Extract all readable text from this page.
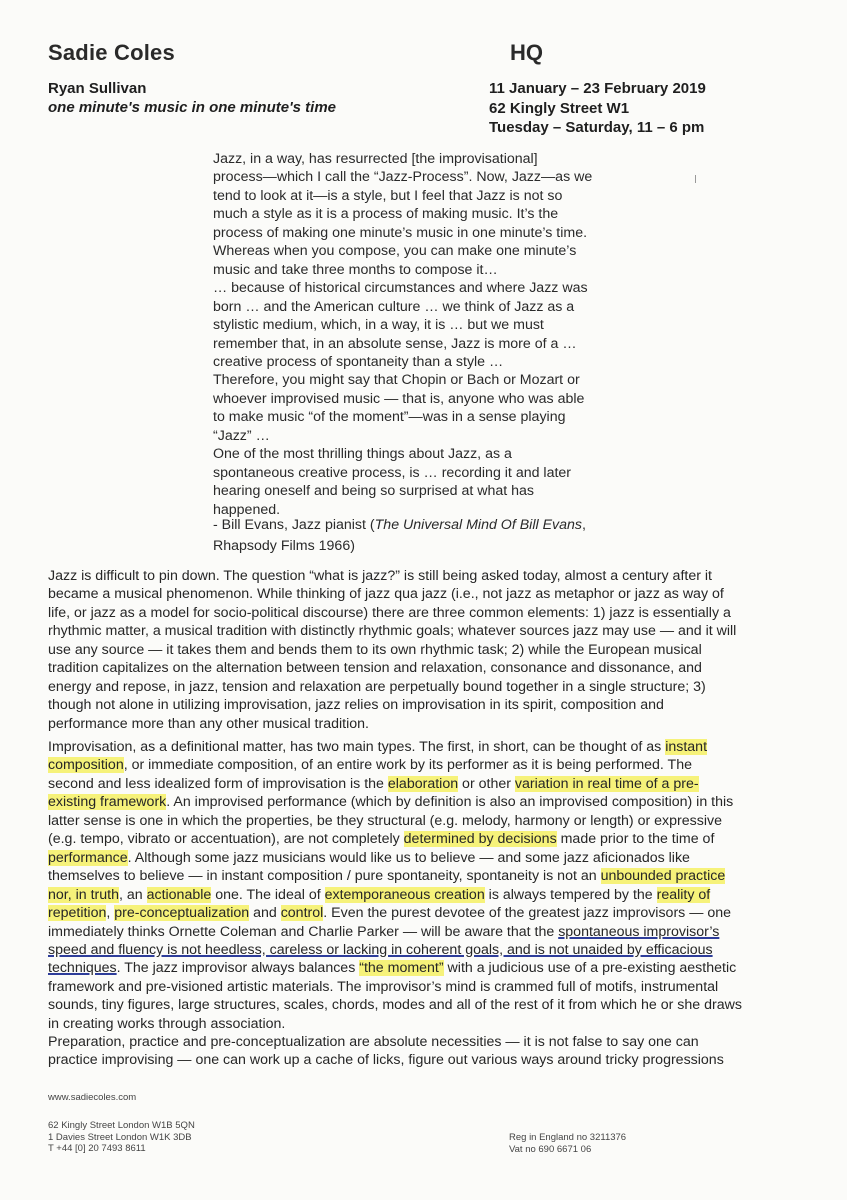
Sadie Coles	HQ
Ryan Sullivan
one minute's music in one minute's time
11 January – 23 February 2019
62 Kingly Street W1
Tuesday – Saturday, 11 – 6 pm
Jazz, in a way, has resurrected [the improvisational]
process—which I call the “Jazz-Process”. Now, Jazz—as we
tend to look at it—is a style, but I feel that Jazz is not so
much a style as it is a process of making music. It’s the
process of making one minute’s music in one minute’s time.
Whereas when you compose, you can make one minute’s
music and take three months to compose it…
… because of historical circumstances and where Jazz was
born … and the American culture … we think of Jazz as a
stylistic medium, which, in a way, it is … but we must
remember that, in an absolute sense, Jazz is more of a …
creative process of spontaneity than a style …
Therefore, you might say that Chopin or Bach or Mozart or
whoever improvised music — that is, anyone who was able
to make music “of the moment”—was in a sense playing
“Jazz” …
One of the most thrilling things about Jazz, as a
spontaneous creative process, is … recording it and later
hearing oneself and being so surprised at what has
happened.
- Bill Evans, Jazz pianist (The Universal Mind Of Bill Evans,
Rhapsody Films 1966)
Jazz is difficult to pin down. The question “what is jazz?” is still being asked today, almost a century after it
became a musical phenomenon. While thinking of jazz qua jazz (i.e., not jazz as metaphor or jazz as way of
life, or jazz as a model for socio-political discourse) there are three common elements: 1) jazz is essentially a
rhythmic matter, a musical tradition with distinctly rhythmic goals; whatever sources jazz may use — and it will
use any source — it takes them and bends them to its own rhythmic task; 2) while the European musical
tradition capitalizes on the alternation between tension and relaxation, consonance and dissonance, and
energy and repose, in jazz, tension and relaxation are perpetually bound together in a single structure; 3)
though not alone in utilizing improvisation, jazz relies on improvisation in its spirit, composition and
performance more than any other musical tradition.
Improvisation, as a definitional matter, has two main types. The first, in short, can be thought of as instant
composition, or immediate composition, of an entire work by its performer as it is being performed. The
second and less idealized form of improvisation is the elaboration or other variation in real time of a pre-
existing framework. An improvised performance (which by definition is also an improvised composition) in this
latter sense is one in which the properties, be they structural (e.g. melody, harmony or length) or expressive
(e.g. tempo, vibrato or accentuation), are not completely determined by decisions made prior to the time of
performance. Although some jazz musicians would like us to believe — and some jazz aficionados like
themselves to believe — in instant composition / pure spontaneity, spontaneity is not an unbounded practice
nor, in truth, an actionable one. The ideal of extemporaneous creation is always tempered by the reality of
repetition, pre-conceptualization and control. Even the purest devotee of the greatest jazz improvisors — one
immediately thinks Ornette Coleman and Charlie Parker — will be aware that the spontaneous improvisor’s
speed and fluency is not heedless, careless or lacking in coherent goals, and is not unaided by efficacious
techniques. The jazz improvisor always balances “the moment” with a judicious use of a pre-existing aesthetic
framework and pre-visioned artistic materials. The improvisor’s mind is crammed full of motifs, instrumental
sounds, tiny figures, large structures, scales, chords, modes and all of the rest of it from which he or she draws
in creating works through association.
Preparation, practice and pre-conceptualization are absolute necessities — it is not false to say one can
practice improvising — one can work up a cache of licks, figure out various ways around tricky progressions
www.sadiecoles.com
62 Kingly Street London W1B 5QN
1 Davies Street London W1K 3DB
T +44 [0] 20 7493 8611
Reg in England no 3211376
Vat no 690 6671 06
